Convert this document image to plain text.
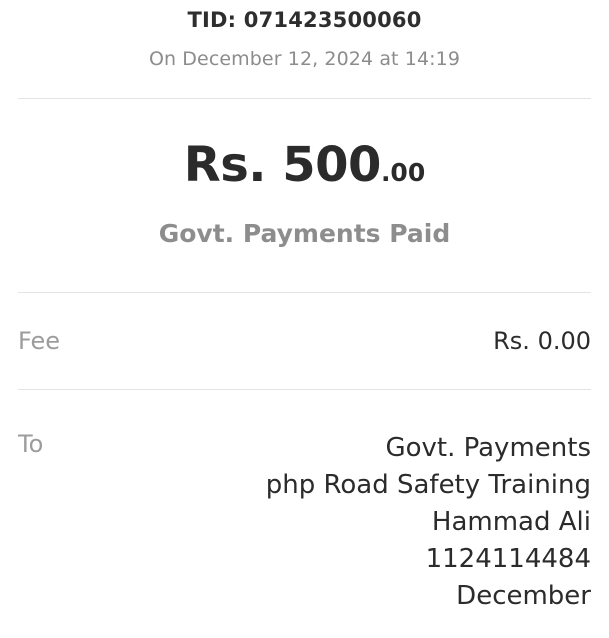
TID: 071423500060
On December 12, 2024 at 14:19
Rs. 500.00
Govt. Payments Paid
Fee	Rs. 0.00
To	Govt. Payments
php Road Safety Training
Hammad Ali
1124114484
December
